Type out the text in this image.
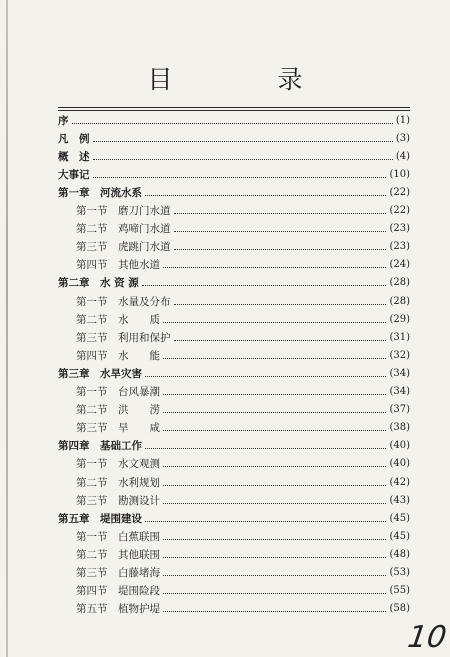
目　录
序	(1)
凡　例	(3)
概　述	(4)
大事记	(10)
第一章　河流水系	(22)
第一节　磨刀门水道	(22)
第二节　鸡啼门水道	(23)
第三节　虎跳门水道	(23)
第四节　其他水道	(24)
第二章　水 资 源	(28)
第一节　水量及分布	(28)
第二节　水　　质	(29)
第三节　利用和保护	(31)
第四节　水　　能	(32)
第三章　水旱灾害	(34)
第一节　台风暴潮	(34)
第二节　洪　　涝	(37)
第三节　旱　　咸	(38)
第四章　基础工作	(40)
第一节　水文观测	(40)
第二节　水利规划	(42)
第三节　勘测设计	(43)
第五章　堤围建设	(45)
第一节　白蕉联围	(45)
第二节　其他联围	(48)
第三节　白藤堵海	(53)
第四节　堤围险段	(55)
第五节　植物护堤	(58)
10
